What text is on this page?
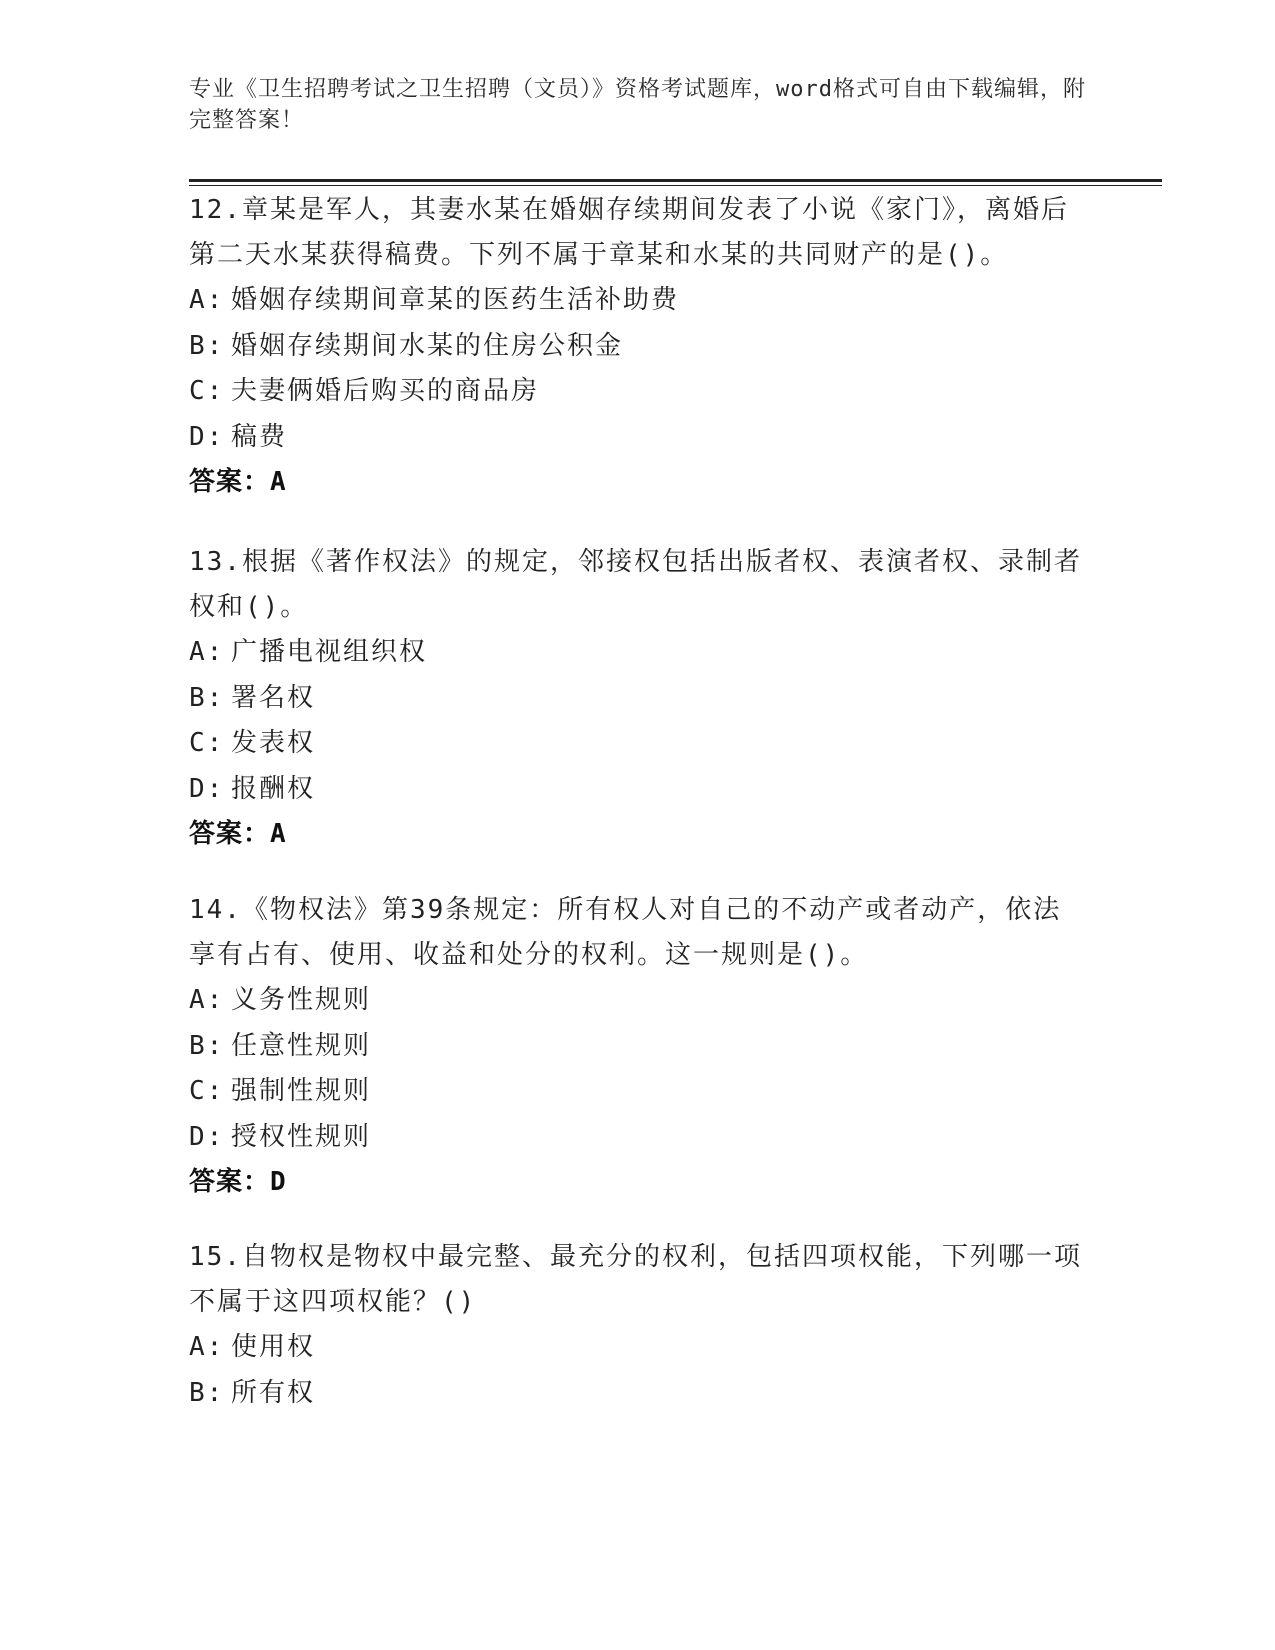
专业《卫生招聘考试之卫生招聘（文员）》资格考试题库，word格式可自由下载编辑，附完整答案！

12.章某是军人，其妻水某在婚姻存续期间发表了小说《家门》，离婚后第二天水某获得稿费。下列不属于章某和水某的共同财产的是()。

A: 婚姻存续期间章某的医药生活补助费
B: 婚姻存续期间水某的住房公积金
C: 夫妻俩婚后购买的商品房
D: 稿费
答案： A

13.根据《著作权法》的规定，邻接权包括出版者权、表演者权、录制者权和()。

A: 广播电视组织权
B: 署名权
C: 发表权
D: 报酬权
答案： A

14.《物权法》第39条规定：所有权人对自己的不动产或者动产，依法享有占有、使用、收益和处分的权利。这一规则是()。

A: 义务性规则
B: 任意性规则
C: 强制性规则
D: 授权性规则
答案： D

15.自物权是物权中最完整、最充分的权利，包括四项权能，下列哪一项不属于这四项权能？()

A: 使用权
B: 所有权
